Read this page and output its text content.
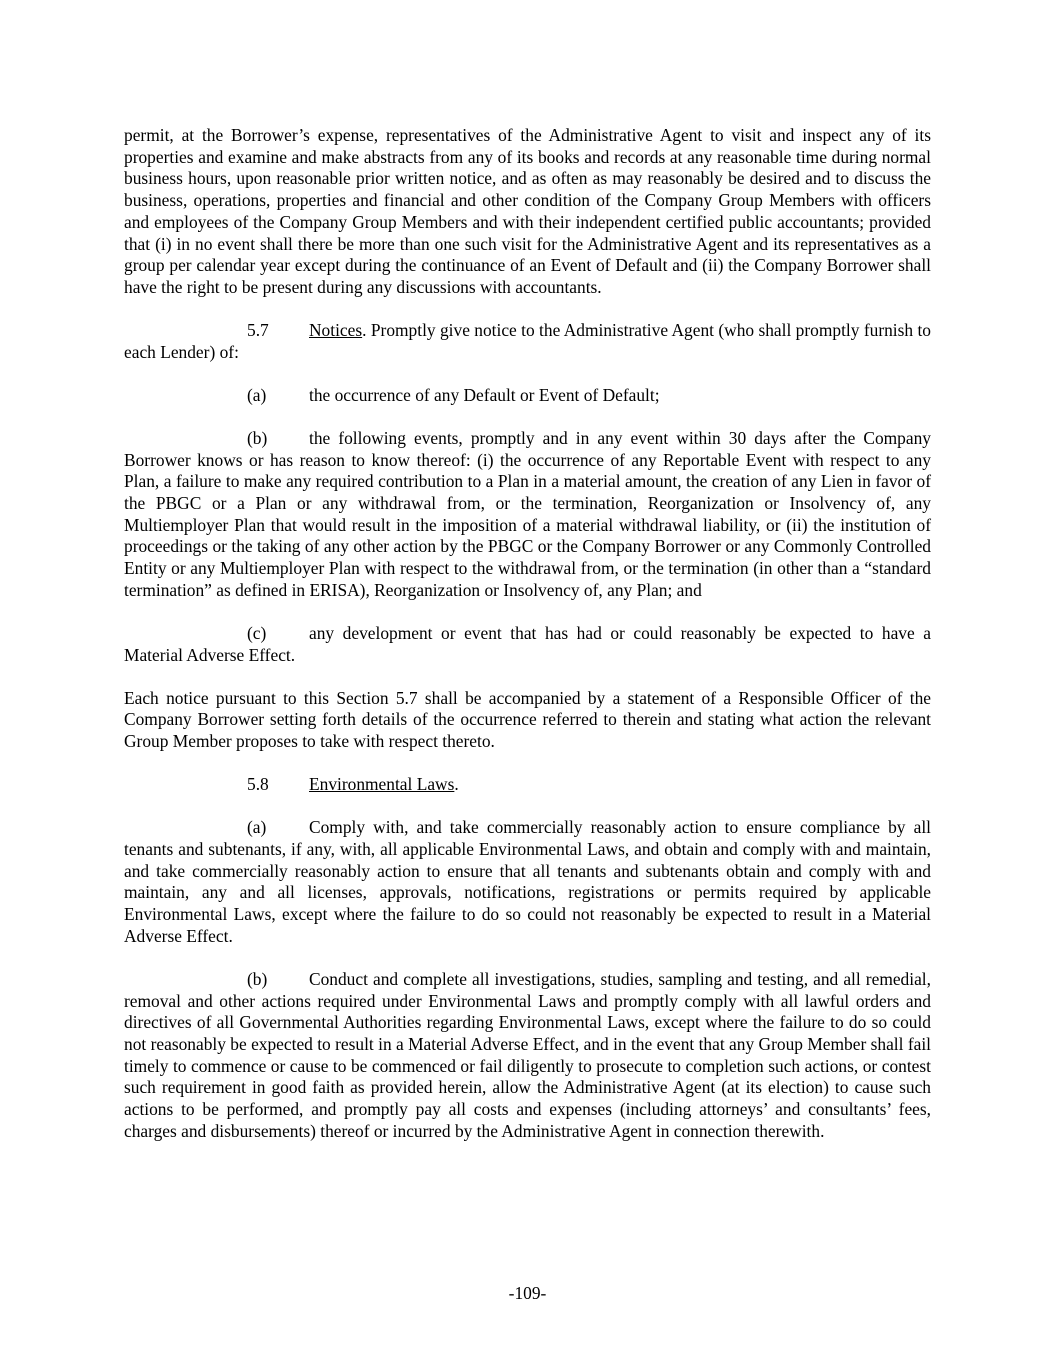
permit, at the Borrower’s expense, representatives of the Administrative Agent to visit and inspect any of its properties and examine and make abstracts from any of its books and records at any reasonable time during normal business hours, upon reasonable prior written notice, and as often as may reasonably be desired and to discuss the business, operations, properties and financial and other condition of the Company Group Members with officers and employees of the Company Group Members and with their independent certified public accountants; provided that (i) in no event shall there be more than one such visit for the Administrative Agent and its representatives as a group per calendar year except during the continuance of an Event of Default and (ii) the Company Borrower shall have the right to be present during any discussions with accountants.

5.7 Notices. Promptly give notice to the Administrative Agent (who shall promptly furnish to each Lender) of:

(a) the occurrence of any Default or Event of Default;

(b) the following events, promptly and in any event within 30 days after the Company Borrower knows or has reason to know thereof: (i) the occurrence of any Reportable Event with respect to any Plan, a failure to make any required contribution to a Plan in a material amount, the creation of any Lien in favor of the PBGC or a Plan or any withdrawal from, or the termination, Reorganization or Insolvency of, any Multiemployer Plan that would result in the imposition of a material withdrawal liability, or (ii) the institution of proceedings or the taking of any other action by the PBGC or the Company Borrower or any Commonly Controlled Entity or any Multiemployer Plan with respect to the withdrawal from, or the termination (in other than a “standard termination” as defined in ERISA), Reorganization or Insolvency of, any Plan; and

(c) any development or event that has had or could reasonably be expected to have a Material Adverse Effect.

Each notice pursuant to this Section 5.7 shall be accompanied by a statement of a Responsible Officer of the Company Borrower setting forth details of the occurrence referred to therein and stating what action the relevant Group Member proposes to take with respect thereto.

5.8 Environmental Laws.

(a) Comply with, and take commercially reasonably action to ensure compliance by all tenants and subtenants, if any, with, all applicable Environmental Laws, and obtain and comply with and maintain, and take commercially reasonably action to ensure that all tenants and subtenants obtain and comply with and maintain, any and all licenses, approvals, notifications, registrations or permits required by applicable Environmental Laws, except where the failure to do so could not reasonably be expected to result in a Material Adverse Effect.

(b) Conduct and complete all investigations, studies, sampling and testing, and all remedial, removal and other actions required under Environmental Laws and promptly comply with all lawful orders and directives of all Governmental Authorities regarding Environmental Laws, except where the failure to do so could not reasonably be expected to result in a Material Adverse Effect, and in the event that any Group Member shall fail timely to commence or cause to be commenced or fail diligently to prosecute to completion such actions, or contest such requirement in good faith as provided herein, allow the Administrative Agent (at its election) to cause such actions to be performed, and promptly pay all costs and expenses (including attorneys’ and consultants’ fees, charges and disbursements) thereof or incurred by the Administrative Agent in connection therewith.

-109-
